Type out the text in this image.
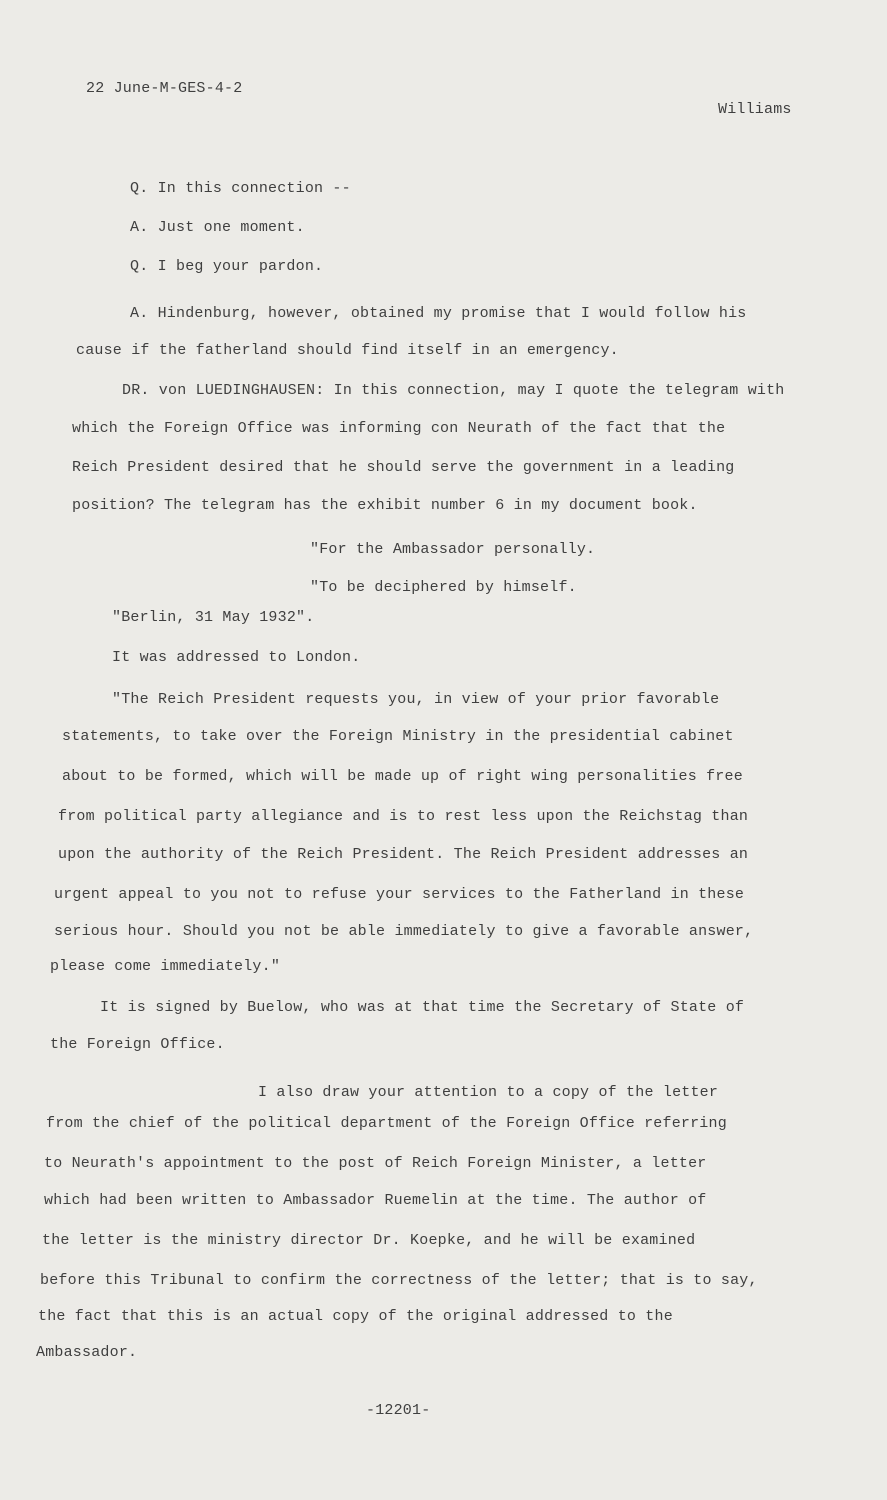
22 June-M-GES-4-2
Williams
Q. In this connection --
A. Just one moment.
Q. I beg your pardon.
A. Hindenburg, however, obtained my promise that I would follow his
cause if the fatherland should find itself in an emergency.
DR. von LUEDINGHAUSEN: In this connection, may I quote the telegram with
which the Foreign Office was informing con Neurath of the fact that the
Reich President desired that he should serve the government in a leading
position? The telegram has the exhibit number 6 in my document book.
"For the Ambassador personally.
"To be deciphered by himself.
"Berlin, 31 May 1932".
It was addressed to London.
"The Reich President requests you, in view of your prior favorable
statements, to take over the Foreign Ministry in the presidential cabinet
about to be formed, which will be made up of right wing personalities free
from political party allegiance and is to rest less upon the Reichstag than
upon the authority of the Reich President. The Reich President addresses an
urgent appeal to you not to refuse your services to the Fatherland in these
serious hour. Should you not be able immediately to give a favorable answer,
please come immediately."
It is signed by Buelow, who was at that time the Secretary of State of
the Foreign Office.
I also draw your attention to a copy of the letter
from the chief of the political department of the Foreign Office referring
to Neurath's appointment to the post of Reich Foreign Minister, a letter
which had been written to Ambassador Ruemelin at the time. The author of
the letter is the ministry director Dr. Koepke, and he will be examined
before this Tribunal to confirm the correctness of the letter; that is to say,
the fact that this is an actual copy of the original addressed to the
Ambassador.
-12201-
